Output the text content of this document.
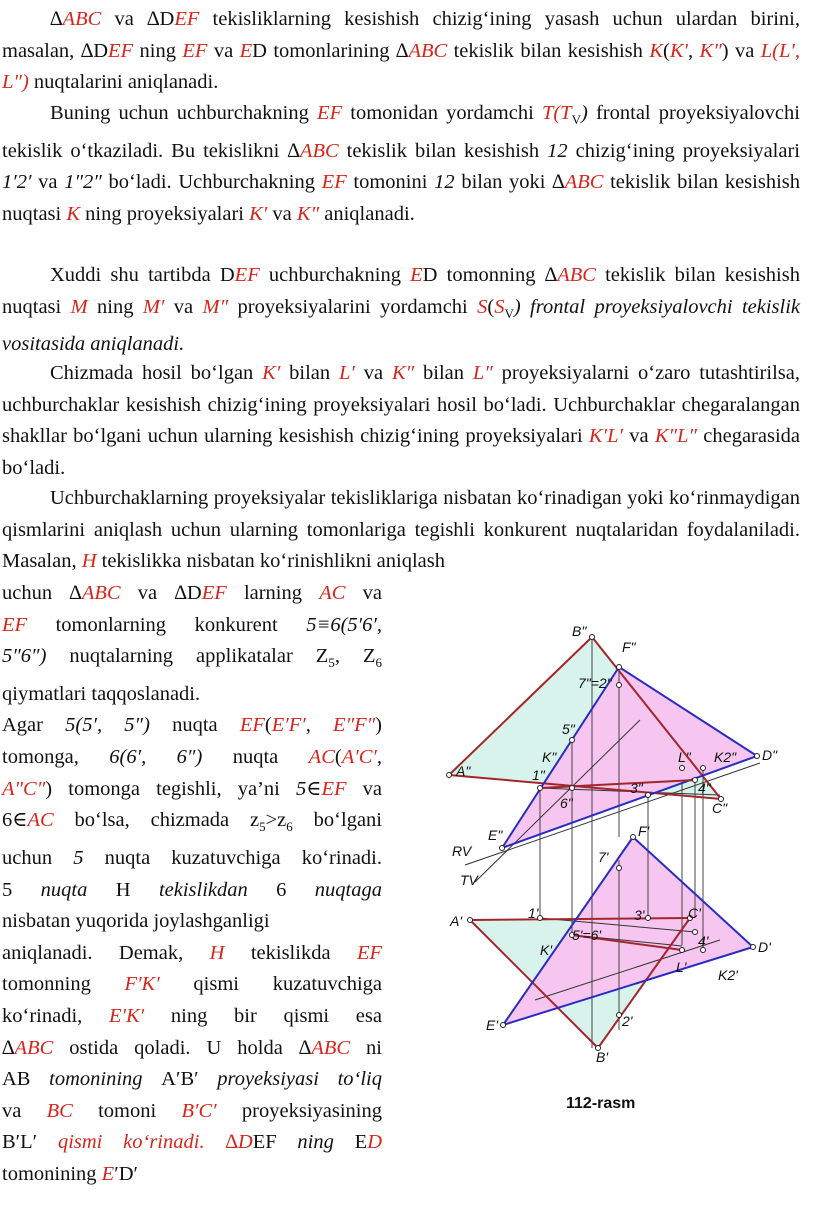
∆ABC va ∆DEF tekisliklarning kesishish chizig‘ining yasash uchun ulardan birini, masalan, ∆DEF ning EF va ED tomonlarining ∆ABC tekislik bilan kesishish K(K′, K″) va L(L′, L″) nuqtalarini aniqlanadi.

Buning uchun uchburchakning EF tomonidan yordamchi $T(T_V)$ frontal proyeksiyalovchi tekislik o‘tkaziladi. Bu tekislikni ∆ABC tekislik bilan kesishish 12 chizig‘ining proyeksiyalari 1′2′ va 1″2″ bo‘ladi. Uchburchakning EF tomonini 12 bilan yoki ∆ABC tekislik bilan kesishish nuqtasi K ning proyeksiyalari K′ va K″ aniqlanadi.

Xuddi shu tartibda DEF uchburchakning ED tomonning ∆ABC tekislik bilan kesishish nuqtasi M ning M′ va M″ proyeksiyalarini yordamchi $S(S_V)$ frontal proyeksiyalovchi tekislik vositasida aniqlanadi.

Chizmada hosil bo‘lgan K′ bilan L′ va K″ bilan L″ proyeksiyalarni o‘zaro tutashtirilsa, uchburchaklar kesishish chizig‘ining proyeksiyalari hosil bo‘ladi. Uchburchaklar chegaralangan shakllar bo‘lgani uchun ularning kesishish chizig‘ining proyeksiyalari K′L′ va K″L″ chegarasida bo‘ladi.

Uchburchaklarning proyeksiyalar tekisliklariga nisbatan ko‘rinadigan yoki ko‘rinmaydigan qismlarini aniqlash uchun ularning tomonlariga tegishli konkurent nuqtalaridan foydalaniladi. Masalan, H tekislikka nisbatan ko‘rinishlikni aniqlash

uchun ∆ABC va ∆DEF larning AC va
EF tomonlarning konkurent 5≡6(5′6′,
5″6″) nuqtalarning applikatalar $Z_5$, $Z_6$
qiymatlari taqqoslanadi.
Agar 5(5′, 5″) nuqta EF(E′F′, E″F″)
tomonga, 6(6′, 6″) nuqta AC(A′C′,
A″C″) tomonga tegishli, ya’ni 5∈EF va
6∈AC bo‘lsa, chizmada $z_5>z_6$ bo‘lgani
uchun 5 nuqta kuzatuvchiga ko‘rinadi.
5 nuqta H tekislikdan 6 nuqtaga
nisbatan yuqorida joylashganligi
aniqlanadi. Demak, H tekislikda EF
tomonning F′K′ qismi kuzatuvchiga
ko‘rinadi, E′K′ ning bir qismi esa
∆ABC ostida qoladi. U holda ∆ABC ni
AB tomonining A′B′ proyeksiyasi to‘liq
va BC tomoni B′C′ proyeksiyasining
B′L′ qismi ko‘rinadi. ∆DEF ning ED
tomonining E′D′
B"
F"
7"=2"
5"
K"	L" K2" D"
A"	1"
4"
6"
3"
C"
E"
RV
TV
F'
7'
A'	1'	3'	C'
K'
5'=6'	4'	D'
L' K2'
E'	2'
B'
112-rasm
